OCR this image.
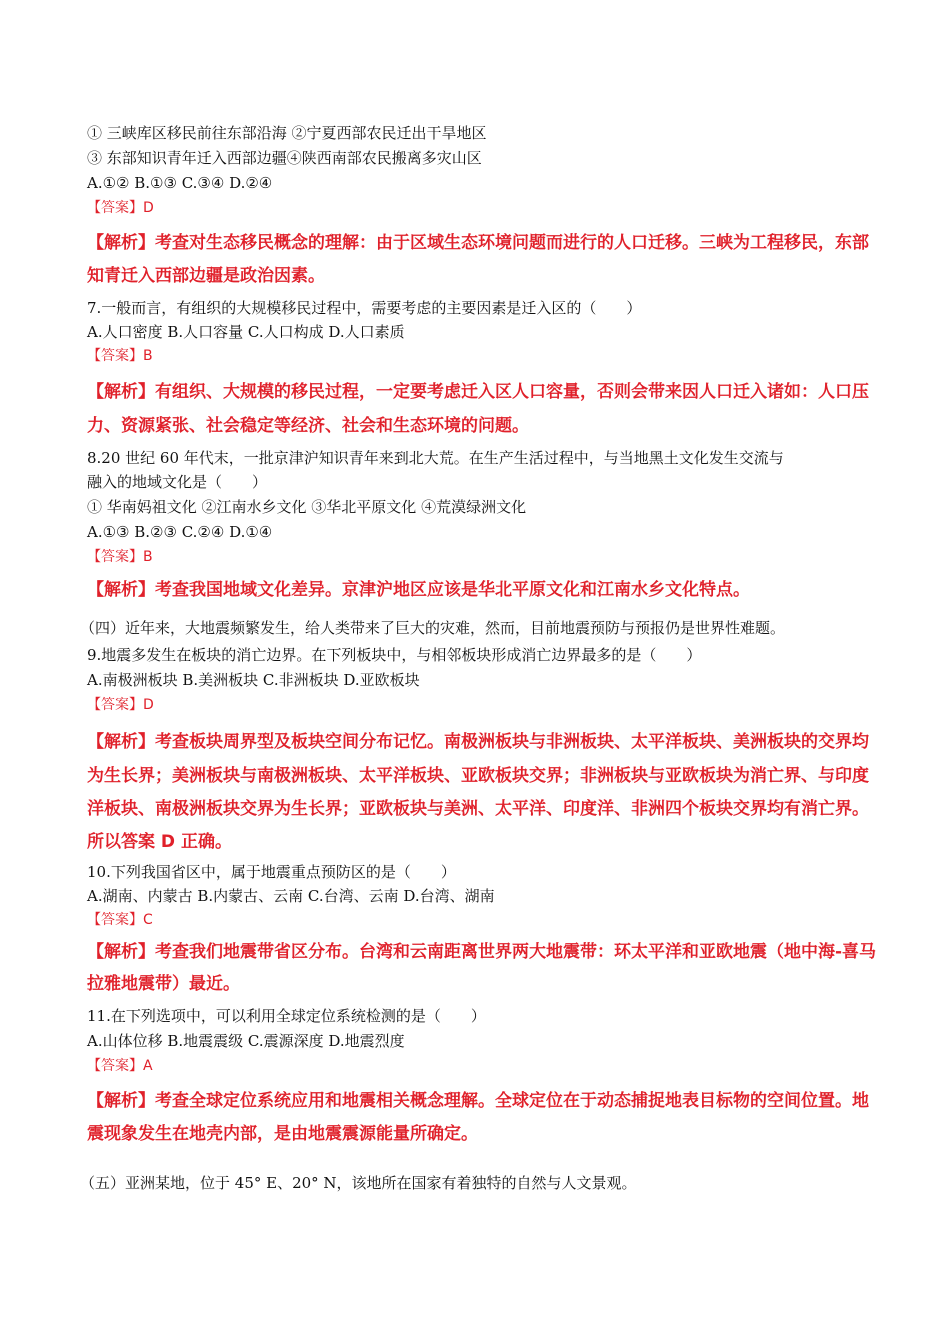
① 三峡库区移民前往东部沿海 ②宁夏西部农民迁出干旱地区
③ 东部知识青年迁入西部边疆④陕西南部农民搬离多灾山区
A.①② B.①③ C.③④ D.②④
【答案】D
【解析】考查对生态移民概念的理解：由于区域生态环境问题而进行的人口迁移。三峡为工程移民，东部
知青迁入西部边疆是政治因素。
7.一般而言，有组织的大规模移民过程中，需要考虑的主要因素是迁入区的（　　）
A.人口密度 B.人口容量 C.人口构成 D.人口素质
【答案】B
【解析】有组织、大规模的移民过程，一定要考虑迁入区人口容量，否则会带来因人口迁入诸如：人口压
力、资源紧张、社会稳定等经济、社会和生态环境的问题。
8.20 世纪 60 年代末，一批京津沪知识青年来到北大荒。在生产生活过程中，与当地黑土文化发生交流与
融入的地域文化是（　　）
① 华南妈祖文化 ②江南水乡文化 ③华北平原文化 ④荒漠绿洲文化
A.①③ B.②③ C.②④ D.①④
【答案】B
【解析】考查我国地域文化差异。京津沪地区应该是华北平原文化和江南水乡文化特点。
（四）近年来，大地震频繁发生，给人类带来了巨大的灾难，然而，目前地震预防与预报仍是世界性难题。
9.地震多发生在板块的消亡边界。在下列板块中，与相邻板块形成消亡边界最多的是（　　）
A.南极洲板块 B.美洲板块 C.非洲板块 D.亚欧板块
【答案】D
【解析】考查板块周界型及板块空间分布记忆。南极洲板块与非洲板块、太平洋板块、美洲板块的交界均
为生长界；美洲板块与南极洲板块、太平洋板块、亚欧板块交界；非洲板块与亚欧板块为消亡界、与印度
洋板块、南极洲板块交界为生长界；亚欧板块与美洲、太平洋、印度洋、非洲四个板块交界均有消亡界。
所以答案 D 正确。
10.下列我国省区中，属于地震重点预防区的是（　　）
A.湖南、内蒙古 B.内蒙古、云南 C.台湾、云南 D.台湾、湖南
【答案】C
【解析】考查我们地震带省区分布。台湾和云南距离世界两大地震带：环太平洋和亚欧地震（地中海-喜马
拉雅地震带）最近。
11.在下列选项中，可以利用全球定位系统检测的是（　　）
A.山体位移 B.地震震级 C.震源深度 D.地震烈度
【答案】A
【解析】考查全球定位系统应用和地震相关概念理解。全球定位在于动态捕捉地表目标物的空间位置。地
震现象发生在地壳内部，是由地震震源能量所确定。
（五）亚洲某地，位于 45° E、20° N，该地所在国家有着独特的自然与人文景观。
